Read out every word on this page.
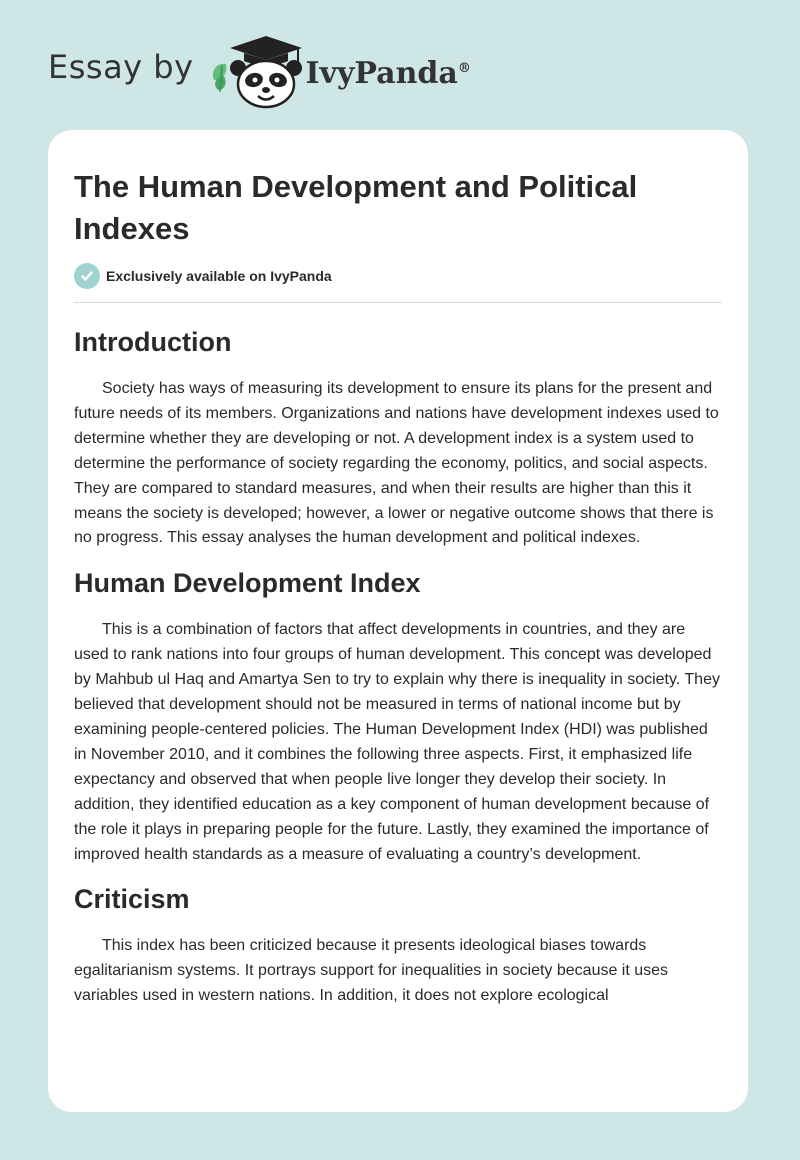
Essay by	IvyPanda®
The Human Development and Political Indexes
Exclusively available on IvyPanda
Introduction

Society has ways of measuring its development to ensure its plans for the present and future needs of its members. Organizations and nations have development indexes used to determine whether they are developing or not. A development index is a system used to determine the performance of society regarding the economy, politics, and social aspects. They are compared to standard measures, and when their results are higher than this it means the society is developed; however, a lower or negative outcome shows that there is no progress. This essay analyses the human development and political indexes.

Human Development Index

This is a combination of factors that affect developments in countries, and they are used to rank nations into four groups of human development. This concept was developed by Mahbub ul Haq and Amartya Sen to try to explain why there is inequality in society. They believed that development should not be measured in terms of national income but by examining people-centered policies. The Human Development Index (HDI) was published in November 2010, and it combines the following three aspects. First, it emphasized life expectancy and observed that when people live longer they develop their society. In addition, they identified education as a key component of human development because of the role it plays in preparing people for the future. Lastly, they examined the importance of improved health standards as a measure of evaluating a country’s development.

Criticism

This index has been criticized because it presents ideological biases towards egalitarianism systems. It portrays support for inequalities in society because it uses variables used in western nations. In addition, it does not explore ecological
